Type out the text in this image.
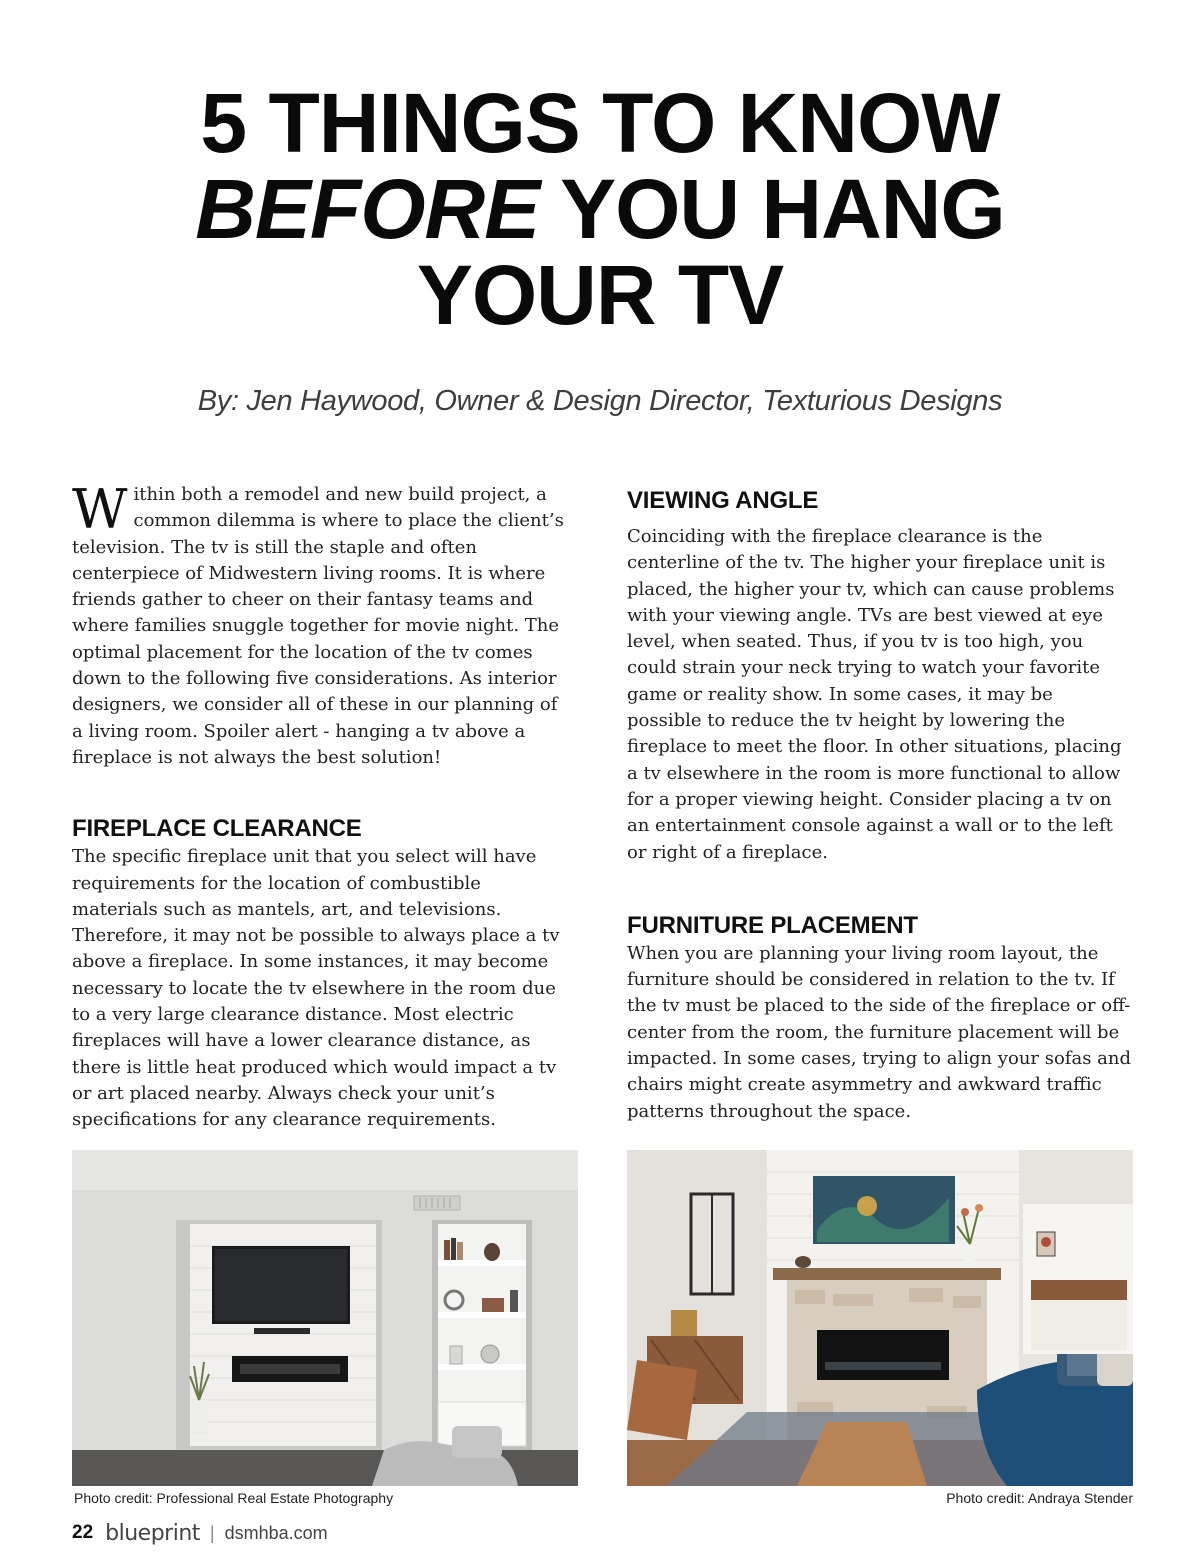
5 THINGS TO KNOW
BEFORE YOU HANG
YOUR TV

By: Jen Haywood, Owner & Design Director, Texturious Designs

Within both a remodel and new build project, a common dilemma is where to place the client’s television. The tv is still the staple and often centerpiece of Midwestern living rooms. It is where friends gather to cheer on their fantasy teams and where families snuggle together for movie night. The optimal placement for the location of the tv comes down to the following five considerations. As interior designers, we consider all of these in our planning of a living room. Spoiler alert - hanging a tv above a fireplace is not always the best solution!

FIREPLACE CLEARANCE

The specific fireplace unit that you select will have requirements for the location of combustible materials such as mantels, art, and televisions. Therefore, it may not be possible to always place a tv above a fireplace. In some instances, it may become necessary to locate the tv elsewhere in the room due to a very large clearance distance. Most electric fireplaces will have a lower clearance distance, as there is little heat produced which would impact a tv or art placed nearby. Always check your unit’s specifications for any clearance requirements.

VIEWING ANGLE

Coinciding with the fireplace clearance is the centerline of the tv. The higher your fireplace unit is placed, the higher your tv, which can cause problems with your viewing angle. TVs are best viewed at eye level, when seated. Thus, if you tv is too high, you could strain your neck trying to watch your favorite game or reality show. In some cases, it may be possible to reduce the tv height by lowering the fireplace to meet the floor. In other situations, placing a tv elsewhere in the room is more functional to allow for a proper viewing height. Consider placing a tv on an entertainment console against a wall or to the left or right of a fireplace.

FURNITURE PLACEMENT

When you are planning your living room layout, the furniture should be considered in relation to the tv. If the tv must be placed to the side of the fireplace or off-center from the room, the furniture placement will be impacted. In some cases, trying to align your sofas and chairs might create asymmetry and awkward traffic patterns throughout the space.

Photo credit: Professional Real Estate Photography	Photo credit: Andraya Stender
22 blueprint | dsmhba.com
